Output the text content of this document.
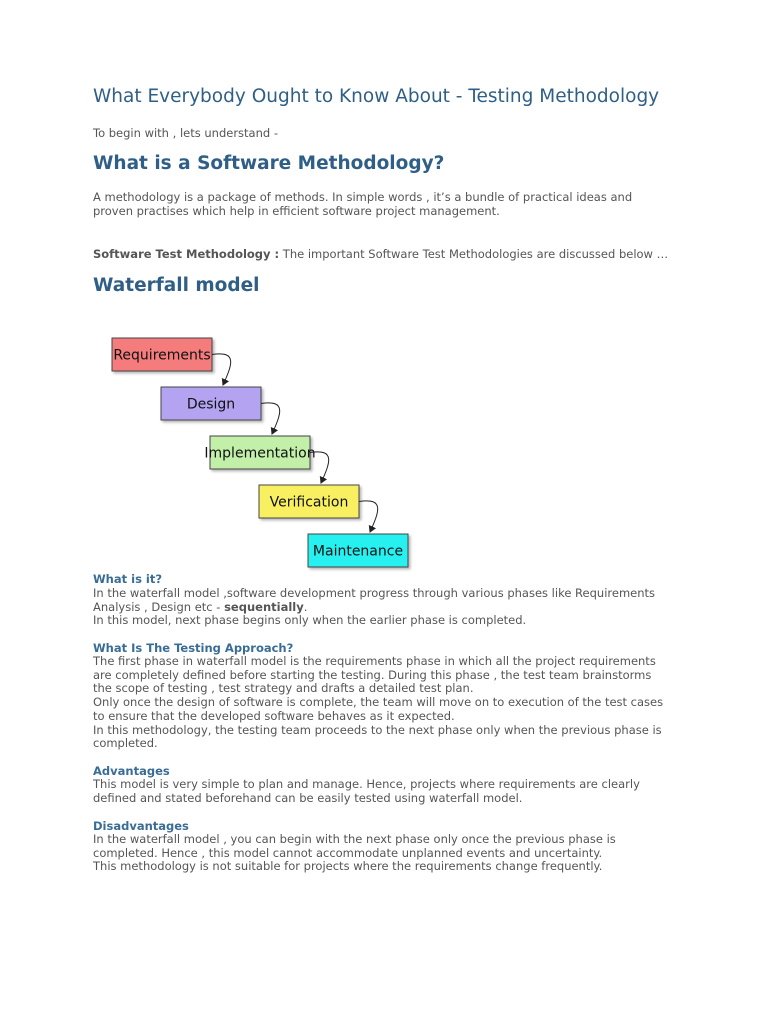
What Everybody Ought to Know About - Testing Methodology
To begin with , lets understand -
What is a Software Methodology?
A methodology is a package of methods. In simple words , it’s a bundle of practical ideas and
proven practises which help in efficient software project management.
Software Test Methodology : The important Software Test Methodologies are discussed below …
Waterfall model
What is it?
In the waterfall model ,software development progress through various phases like Requirements
Analysis , Design etc - sequentially.
In this model, next phase begins only when the earlier phase is completed.
What Is The Testing Approach?
The first phase in waterfall model is the requirements phase in which all the project requirements
are completely defined before starting the testing. During this phase , the test team brainstorms
the scope of testing , test strategy and drafts a detailed test plan.
Only once the design of software is complete, the team will move on to execution of the test cases
to ensure that the developed software behaves as it expected.
In this methodology, the testing team proceeds to the next phase only when the previous phase is
completed.
Advantages
This model is very simple to plan and manage. Hence, projects where requirements are clearly
defined and stated beforehand can be easily tested using waterfall model.
Disadvantages
In the waterfall model , you can begin with the next phase only once the previous phase is
completed. Hence , this model cannot accommodate unplanned events and uncertainty.
This methodology is not suitable for projects where the requirements change frequently.
Requirements
Design
Implementation
Verification
Maintenance
